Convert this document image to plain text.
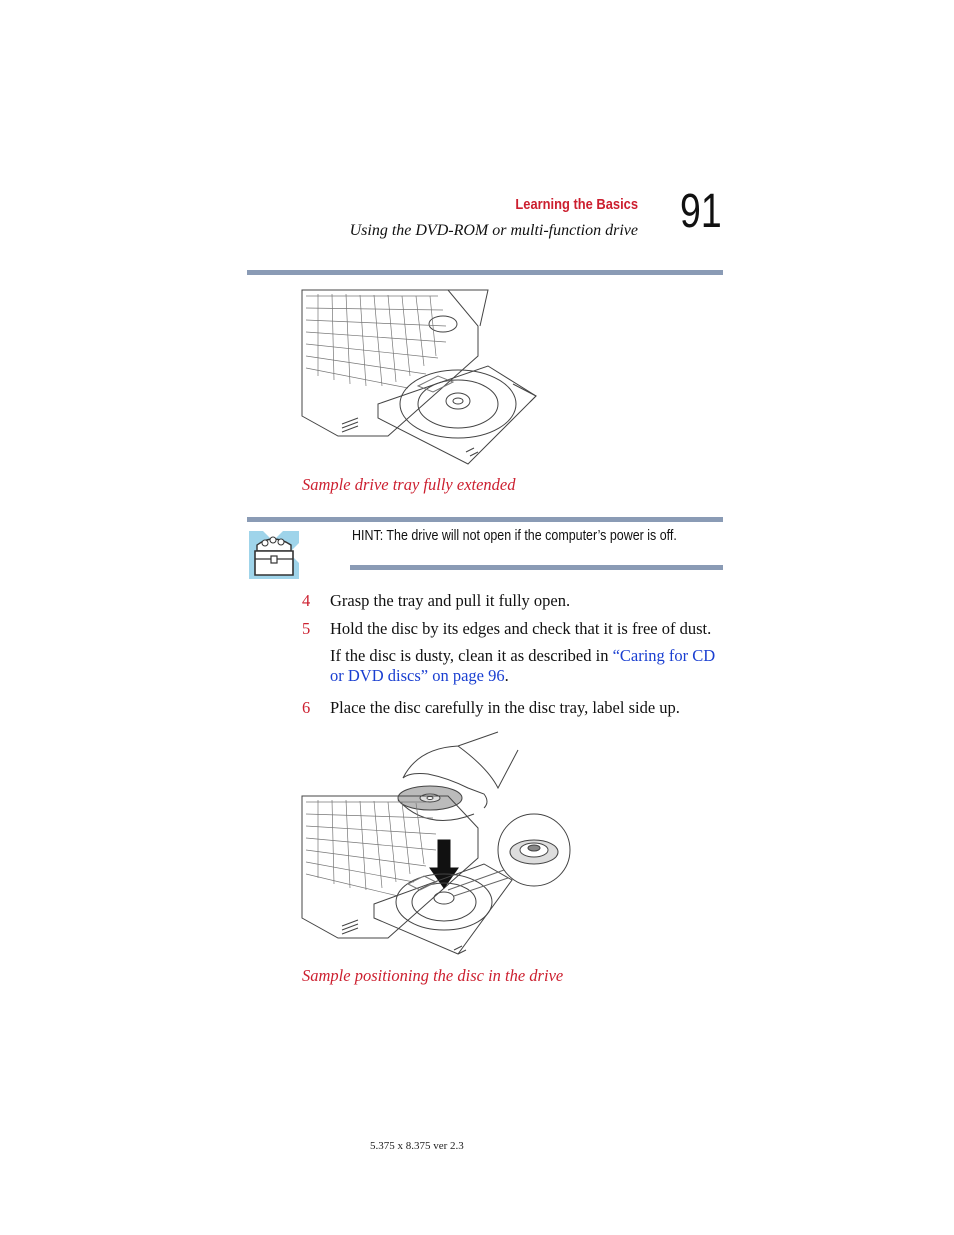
Learning the Basics
Using the DVD-ROM or multi-function drive 91
Sample drive tray fully extended
HINT: The drive will not open if the computer’s power is off.
4 Grasp the tray and pull it fully open.
5 Hold the disc by its edges and check that it is free of dust.
If the disc is dusty, clean it as described in “Caring for CD or DVD discs” on page 96.
6 Place the disc carefully in the disc tray, label side up.
Sample positioning the disc in the drive
5.375 x 8.375 ver 2.3
